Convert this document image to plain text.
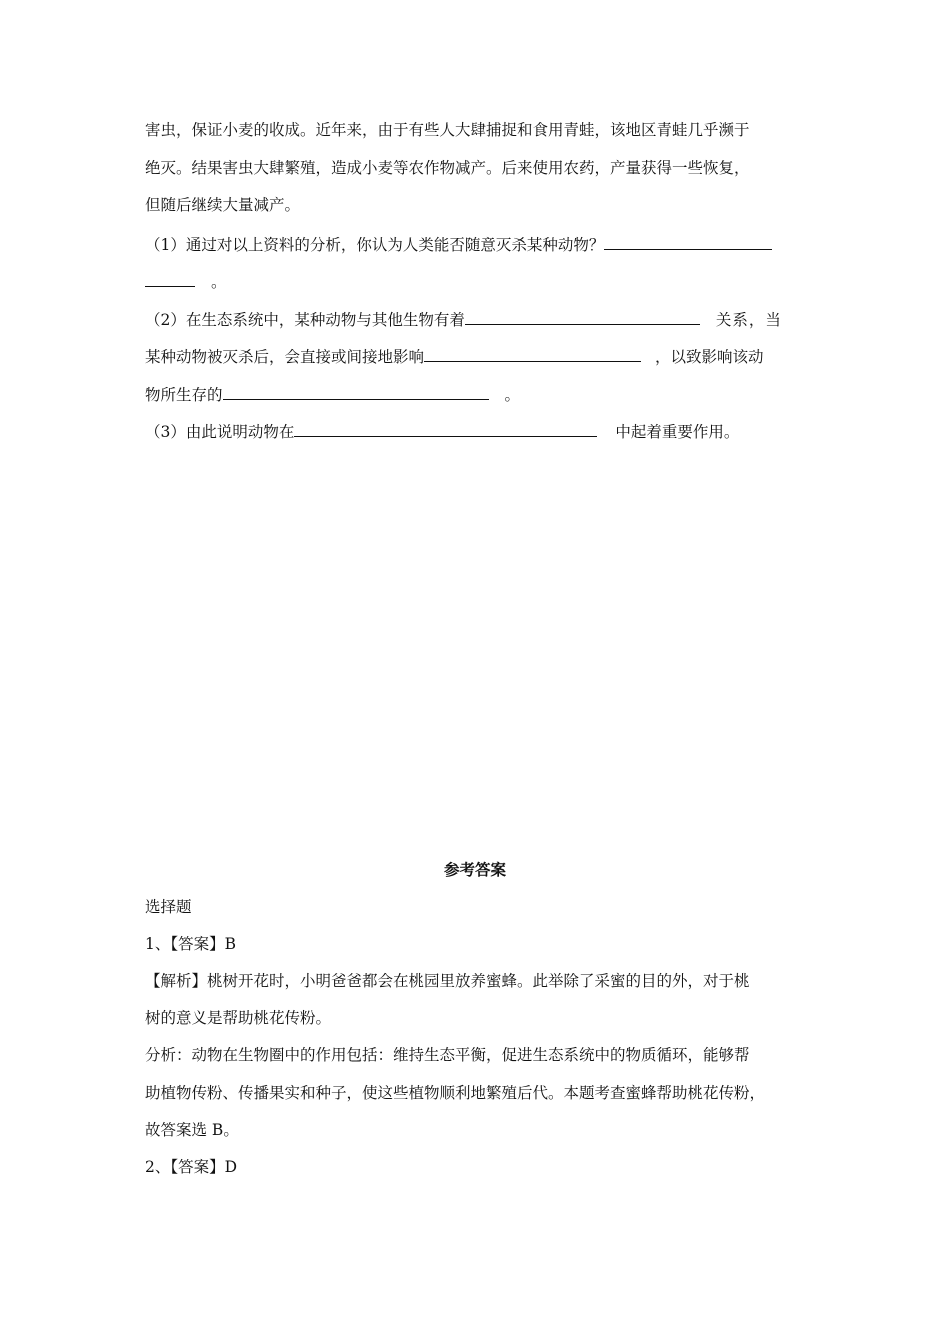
害虫，保证小麦的收成。近年来，由于有些人大肆捕捉和食用青蛙，该地区青蛙几乎濒于
绝灭。结果害虫大肆繁殖，造成小麦等农作物减产。后来使用农药，产量获得一些恢复，
但随后继续大量减产。
（1）通过对以上资料的分析，你认为人类能否随意灭杀某种动物？
。
（2）在生态系统中，某种动物与其他生物有着	关系，当
某种动物被灭杀后，会直接或间接地影响	，以致影响该动
物所生存的	。
（3）由此说明动物在	中起着重要作用。
参考答案
选择题
1、【答案】B
【解析】桃树开花时，小明爸爸都会在桃园里放养蜜蜂。此举除了采蜜的目的外，对于桃
树的意义是帮助桃花传粉。
分析：动物在生物圈中的作用包括：维持生态平衡，促进生态系统中的物质循环，能够帮
助植物传粉、传播果实和种子，使这些植物顺利地繁殖后代。本题考查蜜蜂帮助桃花传粉，
故答案选 B。
2、【答案】D
